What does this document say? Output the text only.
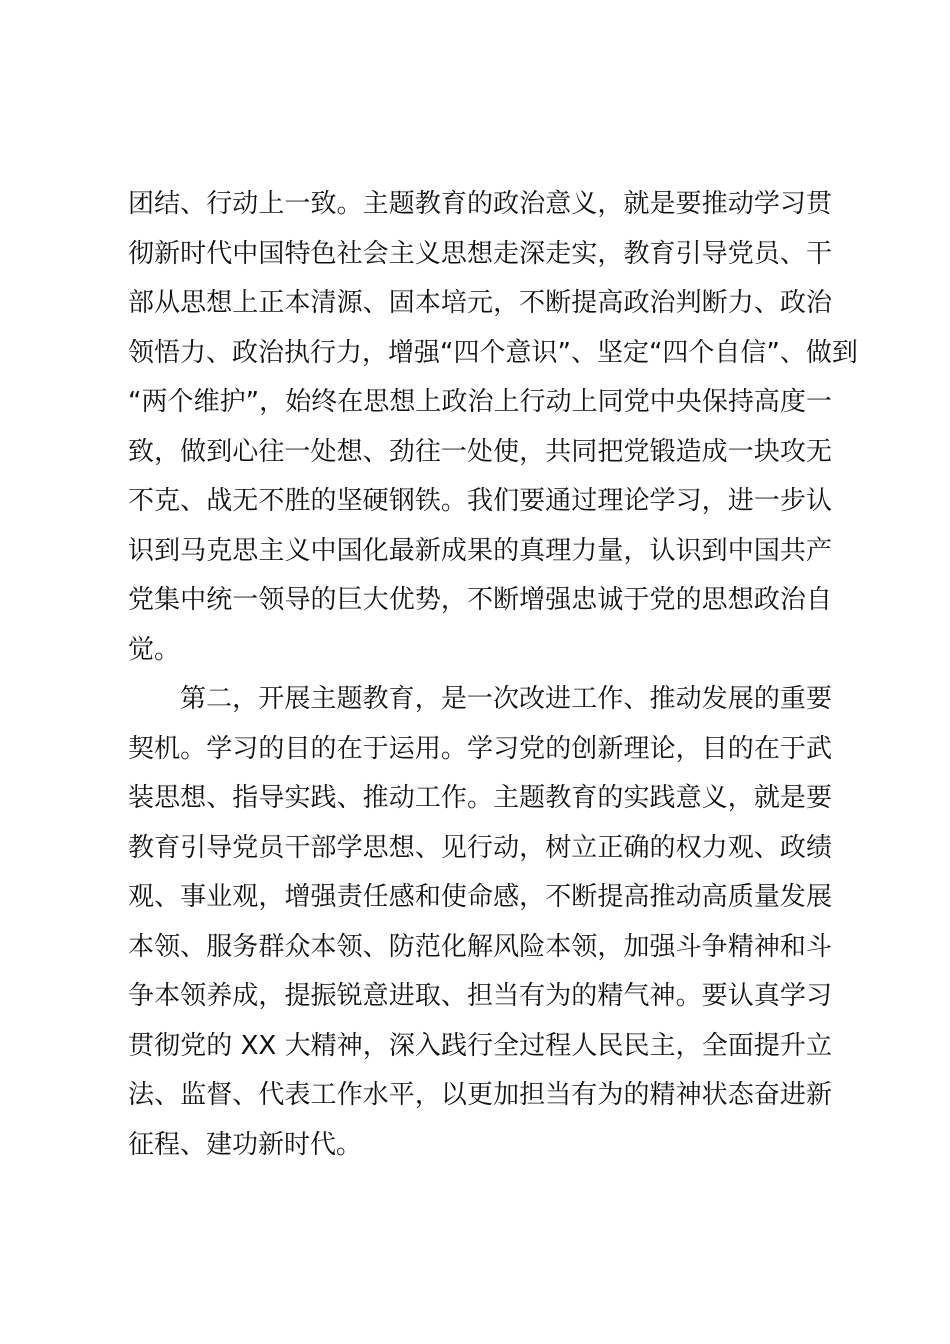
团结、行动上一致。主题教育的政治意义，就是要推动学习贯
彻新时代中国特色社会主义思想走深走实，教育引导党员、干
部从思想上正本清源、固本培元，不断提高政治判断力、政治
领悟力、政治执行力，增强“四个意识”、坚定“四个自信”、做到
“两个维护”，始终在思想上政治上行动上同党中央保持高度一
致，做到心往一处想、劲往一处使，共同把党锻造成一块攻无
不克、战无不胜的坚硬钢铁。我们要通过理论学习，进一步认
识到马克思主义中国化最新成果的真理力量，认识到中国共产
党集中统一领导的巨大优势，不断增强忠诚于党的思想政治自
觉。
第二，开展主题教育，是一次改进工作、推动发展的重要
契机。学习的目的在于运用。学习党的创新理论，目的在于武
装思想、指导实践、推动工作。主题教育的实践意义，就是要
教育引导党员干部学思想、见行动，树立正确的权力观、政绩
观、事业观，增强责任感和使命感，不断提高推动高质量发展
本领、服务群众本领、防范化解风险本领，加强斗争精神和斗
争本领养成，提振锐意进取、担当有为的精气神。要认真学习
贯彻党的 XX 大精神，深入践行全过程人民民主，全面提升立
法、监督、代表工作水平，以更加担当有为的精神状态奋进新
征程、建功新时代。
